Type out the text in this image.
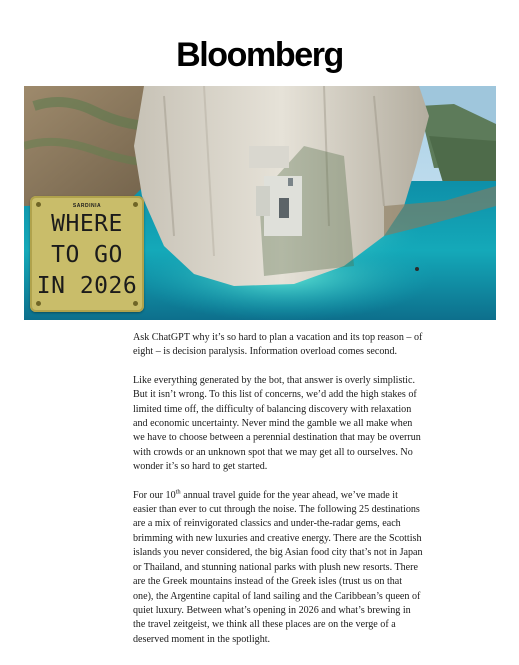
Bloomberg
SARDINIA
WHERE
TO GO
IN 2026

Ask ChatGPT why it’s so hard to plan a vacation and its top reason – of eight – is decision paralysis. Information overload comes second.

Like everything generated by the bot, that answer is overly simplistic. But it isn’t wrong. To this list of concerns, we’d add the high stakes of limited time off, the difficulty of balancing discovery with relaxation and economic uncertainty. Never mind the gamble we all make when we have to choose between a perennial destination that may be overrun with crowds or an unknown spot that we may get all to ourselves. No wonder it’s so hard to get started.

For our 10th annual travel guide for the year ahead, we’ve made it easier than ever to cut through the noise. The following 25 destinations are a mix of reinvigorated classics and under-the-radar gems, each brimming with new luxuries and creative energy. There are the Scottish islands you never considered, the big Asian food city that’s not in Japan or Thailand, and stunning national parks with plush new resorts. There are the Greek mountains instead of the Greek isles (trust us on that one), the Argentine capital of land sailing and the Caribbean’s queen of quiet luxury. Between what’s opening in 2026 and what’s brewing in the travel zeitgeist, we think all these places are on the verge of a deserved moment in the spotlight.
